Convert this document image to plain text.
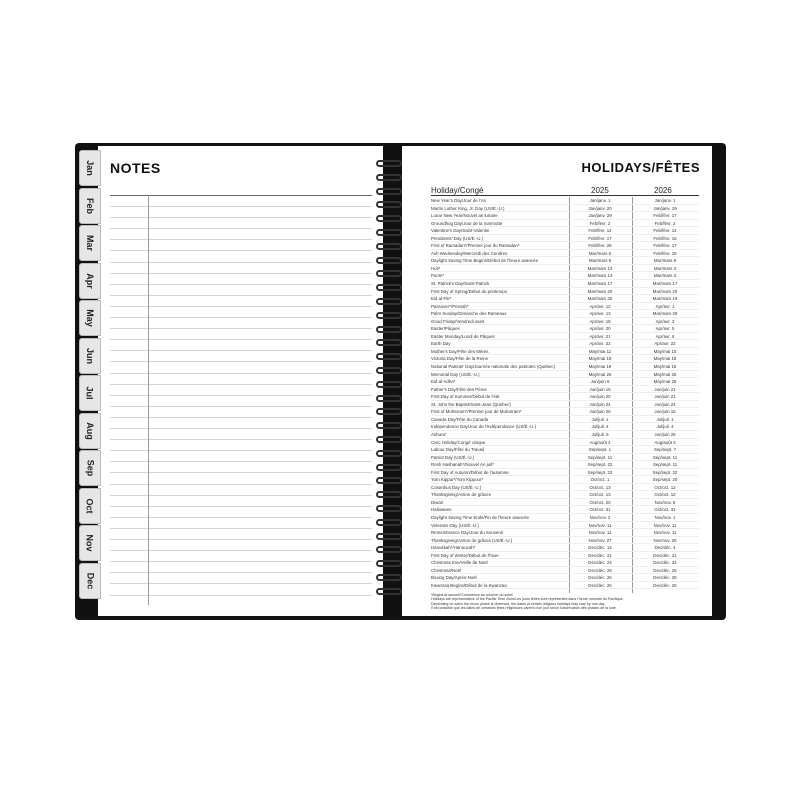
Jan
Feb
Mar
Apr
May
Jun
Jul
Aug
Sep
Oct
Nov
Dec
NOTES	HOLIDAYS/FÊTES
Holiday/Congé	2025	2026
New Year's Day/Jour de l'An	Jan/janv. 1	Jan/janv. 1
Martin Luther King, Jr. Day (US/É.-U.)	Jan/janv. 20	Jan/janv. 19
Lunar New Year/Nouvel an lunaire	Jan/janv. 29	Feb/févr. 17
Groundhog Day/Jour de la marmotte	Feb/févr. 2	Feb/févr. 2
Valentine's Day/Saint-Valentin	Feb/févr. 14	Feb/févr. 14
Presidents' Day (US/É.-U.)	Feb/févr. 17	Feb/févr. 16
First of Ramadan*/Premier jour du Ramadan*	Feb/févr. 28	Feb/févr. 17
Ash Wednesday/Mercredi des Cendres	Mar/mars 5	Feb/févr. 18
Daylight Saving Time Begins/Début de l'heure avancée	Mar/mars 9	Mar/mars 8
Holi*	Mar/mars 13	Mar/mars 3
Purim*	Mar/mars 13	Mar/mars 3
St. Patrick's Day/Saint-Patrick	Mar/mars 17	Mar/mars 17
First Day of Spring/Début du printemps	Mar/mars 20	Mar/mars 20
Eid al-Fitr*	Mar/mars 30	Mar/mars 19
Passover*/Pessah*	Apr/avr. 12	Apr/avr. 1
Palm Sunday/Dimanche des Rameaux	Apr/avr. 13	Mar/mars 29
Good Friday/Vendredi saint	Apr/avr. 18	Apr/avr. 3
Easter/Pâques	Apr/avr. 20	Apr/avr. 5
Easter Monday/Lundi de Pâques	Apr/avr. 21	Apr/avr. 6
Earth Day	Apr/avr. 22	Apr/avr. 22
Mother's Day/Fête des Mères	May/mai 11	May/mai 10
Victoria Day/Fête de la Reine	May/mai 19	May/mai 18
National Patriots' Day/Journée nationale des patriotes (Québec)	May/mai 19	May/mai 18
Memorial Day (US/É.-U.)	May/mai 26	May/mai 25
Eid al-Adha*	Jun/juin 6	May/mai 26
Father's Day/Fête des Pères	Jun/juin 15	Jun/juin 21
First Day of Summer/Début de l'été	Jun/juin 20	Jun/juin 21
St. John the Baptist/Saint-Jean (Québec)	Jun/juin 24	Jun/juin 24
First of Muharram*/Premier jour de Muharram*	Jun/juin 26	Jun/juin 16
Canada Day/Fête du Canada	Jul/juil. 1	Jul/juil. 1
Independence Day/Jour de l'Indépendance (US/É.-U.)	Jul/juil. 4	Jul/juil. 4
Ashura*	Jul/juil. 5	Jun/juin 25
Civic Holiday/Congé civique	Aug/août 4	Aug/août 3
Labour Day/Fête du Travail	Sep/sept. 1	Sep/sept. 7
Patriot Day (US/É.-U.)	Sep/sept. 11	Sep/sept. 11
Rosh Hashanah*/Nouvel An juif*	Sep/sept. 22	Sep/sept. 11
First Day of Autumn/Début de l'automne	Sep/sept. 22	Sep/sept. 22
Yom Kippur*/Yom Kippour*	Oct/oct. 1	Sep/sept. 20
Columbus Day (US/É.-U.)	Oct/oct. 13	Oct/oct. 12
Thanksgiving/Action de grâces	Oct/oct. 13	Oct/oct. 12
Diwali	Oct/oct. 20	Nov/nov. 8
Halloween	Oct/oct. 31	Oct/oct. 31
Daylight Saving Time Ends/Fin de l'heure avancée	Nov/nov. 2	Nov/nov. 1
Veterans Day (US/É.-U.)	Nov/nov. 11	Nov/nov. 11
Remembrance Day/Jour du Souvenir	Nov/nov. 11	Nov/nov. 11
Thanksgiving/Action de grâces (US/É.-U.)	Nov/nov. 27	Nov/nov. 26
Hanukkah*/Hanoucah*	Dec/déc. 14	Dec/déc. 4
First Day of Winter/Début de l'hiver	Dec/déc. 21	Dec/déc. 21
Christmas Eve/Veille de Noël	Dec/déc. 24	Dec/déc. 24
Christmas/Noël	Dec/déc. 25	Dec/déc. 25
Boxing Day/Après-Noël	Dec/déc. 26	Dec/déc. 26
Kwanzaa Begins/Début de la Kwanzaa	Dec/déc. 26	Dec/déc. 26
*Begins at sunset/*Commence au coucher du soleil
Holidays are representative of the Pacific Time Zone/Les jours fériés sont représentés dans l'heure normale du Pacifique.
Depending on when the moon phase is observed, the dates of certain religious holidays may vary by one day.
Il est possible que les dates de certaines fêtes religieuses varient d'un jour selon l'observation des phases de la lune.
